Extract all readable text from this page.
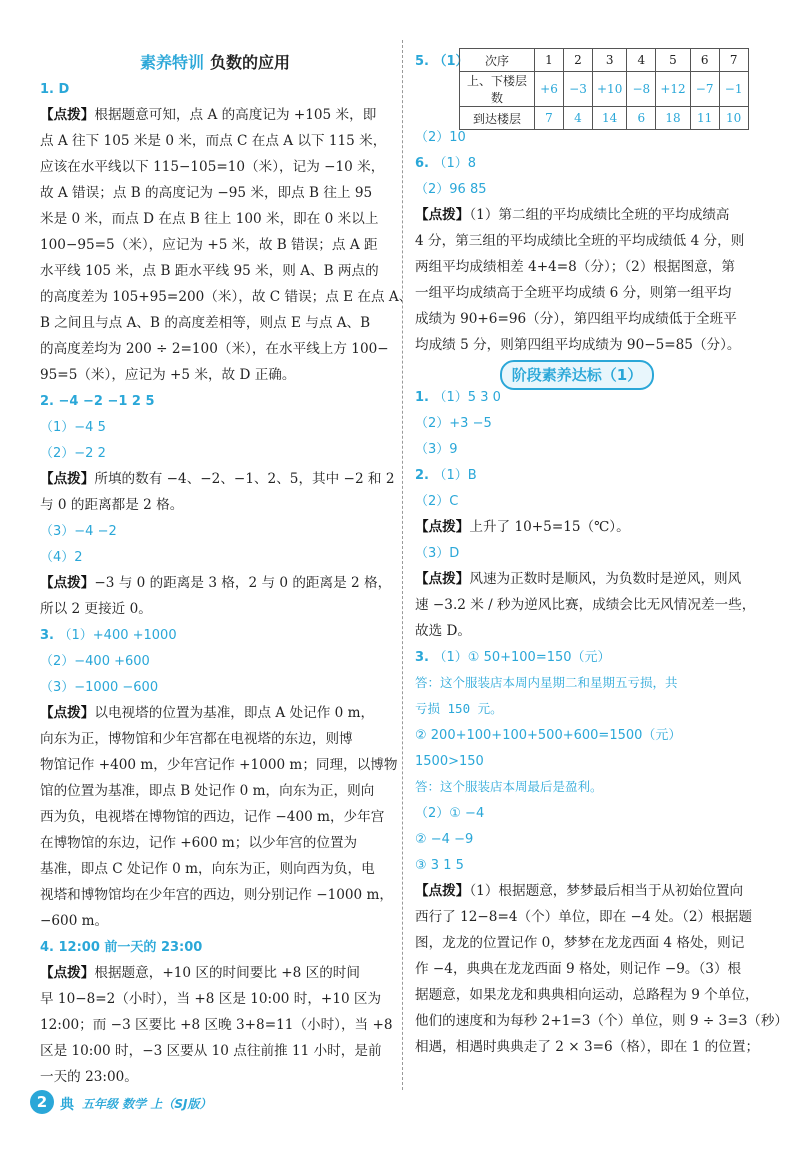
素养特训 负数的应用
1. D
【点拨】根据题意可知，点 A 的高度记为 +105 米，即
点 A 往下 105 米是 0 米，而点 C 在点 A 以下 115 米，
应该在水平线以下 115−105=10（米），记为 −10 米，
故 A 错误；点 B 的高度记为 −95 米，即点 B 往上 95
米是 0 米，而点 D 在点 B 往上 100 米，即在 0 米以上
100−95=5（米），应记为 +5 米，故 B 错误；点 A 距
水平线 105 米，点 B 距水平线 95 米，则 A、B 两点的
的高度差为 105+95=200（米），故 C 错误；点 E 在点 A、
B 之间且与点 A、B 的高度差相等，则点 E 与点 A、B
的高度差均为 200 ÷ 2=100（米），在水平线上方 100−
95=5（米），应记为 +5 米，故 D 正确。
2. −4 −2 −1 2 5
（1）−4 5
（2）−2 2
【点拨】所填的数有 −4、−2、−1、2、5，其中 −2 和 2
与 0 的距离都是 2 格。
（3）−4 −2
（4）2
【点拨】−3 与 0 的距离是 3 格，2 与 0 的距离是 2 格，
所以 2 更接近 0。
3. （1）+400 +1000
（2）−400 +600
（3）−1000 −600
【点拨】以电视塔的位置为基准，即点 A 处记作 0 m，
向东为正，博物馆和少年宫都在电视塔的东边，则博
物馆记作 +400 m，少年宫记作 +1000 m；同理，以博物
馆的位置为基准，即点 B 处记作 0 m，向东为正，则向
西为负，电视塔在博物馆的西边，记作 −400 m，少年宫
在博物馆的东边，记作 +600 m；以少年宫的位置为
基准，即点 C 处记作 0 m，向东为正，则向西为负，电
视塔和博物馆均在少年宫的西边，则分别记作 −1000 m，
−600 m。
4. 12:00 前一天的 23:00
【点拨】根据题意，+10 区的时间要比 +8 区的时间
早 10−8=2（小时），当 +8 区是 10:00 时，+10 区为
12:00；而 −3 区要比 +8 区晚 3+8=11（小时），当 +8
区是 10:00 时，−3 区要从 10 点往前推 11 小时，是前
一天的 23:00。
5. （1） 次序	1	2	3	4	5	6	7
上、下楼层数	+6	−3	+10	−8	+12	−7	−1
到达楼层	7	4	14	6	18	11	10
（2）10
6. （1）8
（2）96 85
【点拨】（1）第二组的平均成绩比全班的平均成绩高
4 分，第三组的平均成绩比全班的平均成绩低 4 分，则
两组平均成绩相差 4+4=8（分）；（2）根据图意，第
一组平均成绩高于全班平均成绩 6 分，则第一组平均
成绩为 90+6=96（分），第四组平均成绩低于全班平
均成绩 5 分，则第四组平均成绩为 90−5=85（分）。
阶段素养达标（1）
1. （1）5 3 0
（2）+3 −5
（3）9
2. （1）B
（2）C
【点拨】上升了 10+5=15（℃）。
（3）D
【点拨】风速为正数时是顺风，为负数时是逆风，则风
速 −3.2 米 / 秒为逆风比赛，成绩会比无风情况差一些，
故选 D。
3. （1）① 50+100=150（元）
答：这个服装店本周内星期二和星期五亏损，共
亏损 150 元。
② 200+100+100+500+600=1500（元）
1500>150
答：这个服装店本周最后是盈利。
（2）① −4
② −4 −9
③ 3 1 5
【点拨】（1）根据题意，梦梦最后相当于从初始位置向
西行了 12−8=4（个）单位，即在 −4 处。（2）根据题
图，龙龙的位置记作 0，梦梦在龙龙西面 4 格处，则记
作 −4，典典在龙龙西面 9 格处，则记作 −9。（3）根
据题意，如果龙龙和典典相向运动，总路程为 9 个单位，
他们的速度和为每秒 2+1=3（个）单位，则 9 ÷ 3=3（秒）
相遇，相遇时典典走了 2 × 3=6（格），即在 1 的位置；
2 典 五年级 数学 上（SJ版）
